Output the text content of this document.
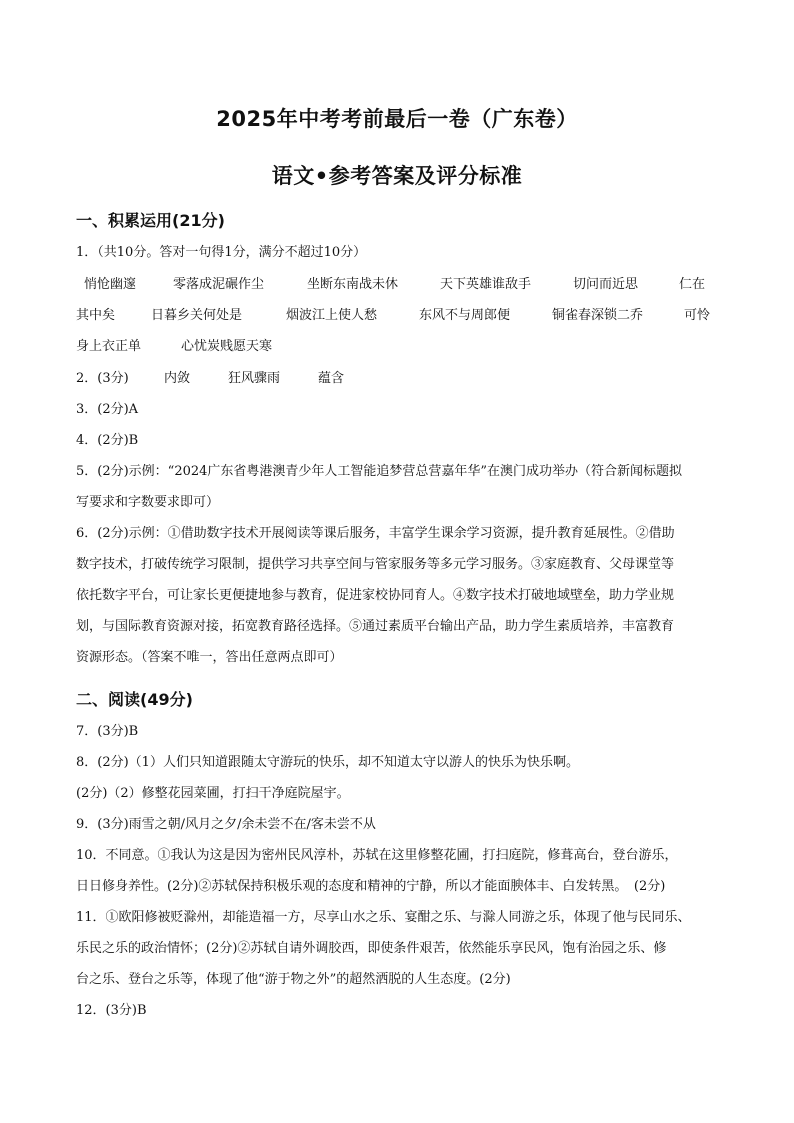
2025年中考考前最后一卷（广东卷）
语文•参考答案及评分标准
一、积累运用(21分)
1．（共10分。答对一句得1分，满分不超过10分）
悄怆幽邃	零落成泥碾作尘	坐断东南战未休	天下英雄谁敌手	切问而近思	仁在
其中矣	日暮乡关何处是	烟波江上使人愁	东风不与周郎便	铜雀春深锁二乔	可怜
身上衣正单	心忧炭贱愿天寒
2．(3分)	内敛	狂风骤雨	蕴含
3．(2分)A
4．(2分)B
5．(2分)示例：“2024广东省粤港澳青少年人工智能追梦营总营嘉年华”在澳门成功举办（符合新闻标题拟
写要求和字数要求即可）
6．(2分)示例：①借助数字技术开展阅读等课后服务，丰富学生课余学习资源，提升教育延展性。②借助
数字技术，打破传统学习限制，提供学习共享空间与管家服务等多元学习服务。③家庭教育、父母课堂等
依托数字平台，可让家长更便捷地参与教育，促进家校协同育人。④数字技术打破地域壁垒，助力学业规
划，与国际教育资源对接，拓宽教育路径选择。⑤通过素质平台输出产品，助力学生素质培养，丰富教育
资源形态。（答案不唯一，答出任意两点即可）
二、阅读(49分)
7．(3分)B
8．(2分)（1）人们只知道跟随太守游玩的快乐，却不知道太守以游人的快乐为快乐啊。
(2分)（2）修整花园菜圃，打扫干净庭院屋宇。
9．(3分)雨雪之朝/风月之夕/余未尝不在/客未尝不从
10．不同意。①我认为这是因为密州民风淳朴，苏轼在这里修整花圃，打扫庭院，修葺高台，登台游乐，
日日修身养性。(2分)②苏轼保持积极乐观的态度和精神的宁静，所以才能面腴体丰、白发转黑。　(2分)
11．①欧阳修被贬滁州，却能造福一方，尽享山水之乐、宴酣之乐、与滁人同游之乐，体现了他与民同乐、
乐民之乐的政治情怀；(2分)②苏轼自请外调胶西，即使条件艰苦，依然能乐享民风，饱有治园之乐、修
台之乐、登台之乐等，体现了他“游于物之外”的超然洒脱的人生态度。(2分)
12．(3分)B
